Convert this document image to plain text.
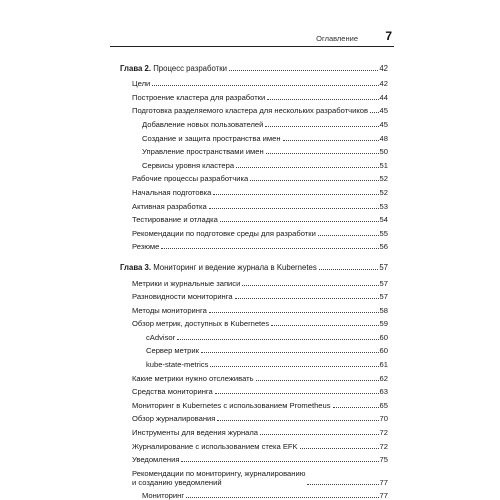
Оглавление 7
Глава 2. Процесс разработки	42
Цели	42
Построение кластера для разработки	44
Подготовка разделяемого кластера для нескольких разработчиков 45
Добавление новых пользователей	45
Создание и защита пространства имен	48
Управление пространствами имен	50
Сервисы уровня кластера	51
Рабочие процессы разработчика	52
Начальная подготовка	52
Активная разработка	53
Тестирование и отладка	54
Рекомендации по подготовке среды для разработки	55
Резюме	56
Глава 3. Мониторинг и ведение журнала в Kubernetes	57
Метрики и журнальные записи	57
Разновидности мониторинга	57
Методы мониторинга	58
Обзор метрик, доступных в Kubernetes	59
cAdvisor	60
Сервер метрик	60
kube-state-metrics	61
Какие метрики нужно отслеживать	62
Средства мониторинга	63
Мониторинг в Kubernetes с использованием Prometheus	65
Обзор журналирования	70
Инструменты для ведения журнала	72
Журналирование с использованием стека EFK	72
Уведомления	75
Рекомендации по мониторингу, журналированию
и созданию уведомлений	77
Мониторинг	77
